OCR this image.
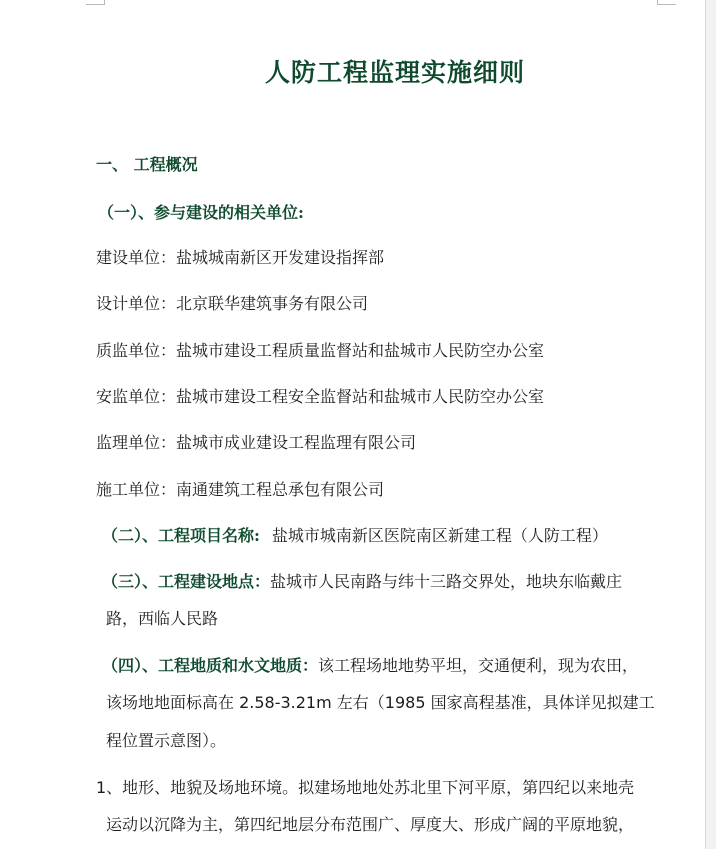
人防工程监理实施细则
一、 工程概况
（一）、参与建设的相关单位:
建设单位：盐城城南新区开发建设指挥部
设计单位：北京联华建筑事务有限公司
质监单位：盐城市建设工程质量监督站和盐城市人民防空办公室
安监单位：盐城市建设工程安全监督站和盐城市人民防空办公室
监理单位：盐城市成业建设工程监理有限公司
施工单位：南通建筑工程总承包有限公司
（二）、工程项目名称: 盐城市城南新区医院南区新建工程（人防工程）
（三）、工程建设地点：盐城市人民南路与纬十三路交界处，地块东临戴庄
路，西临人民路
（四）、工程地质和水文地质：该工程场地地势平坦，交通便利，现为农田，
该场地地面标高在 2.58-3.21m 左右（1985 国家高程基准，具体详见拟建工
程位置示意图）。
1、地形、地貌及场地环境。拟建场地地处苏北里下河平原，第四纪以来地壳
运动以沉降为主，第四纪地层分布范围广、厚度大、形成广阔的平原地貌，
